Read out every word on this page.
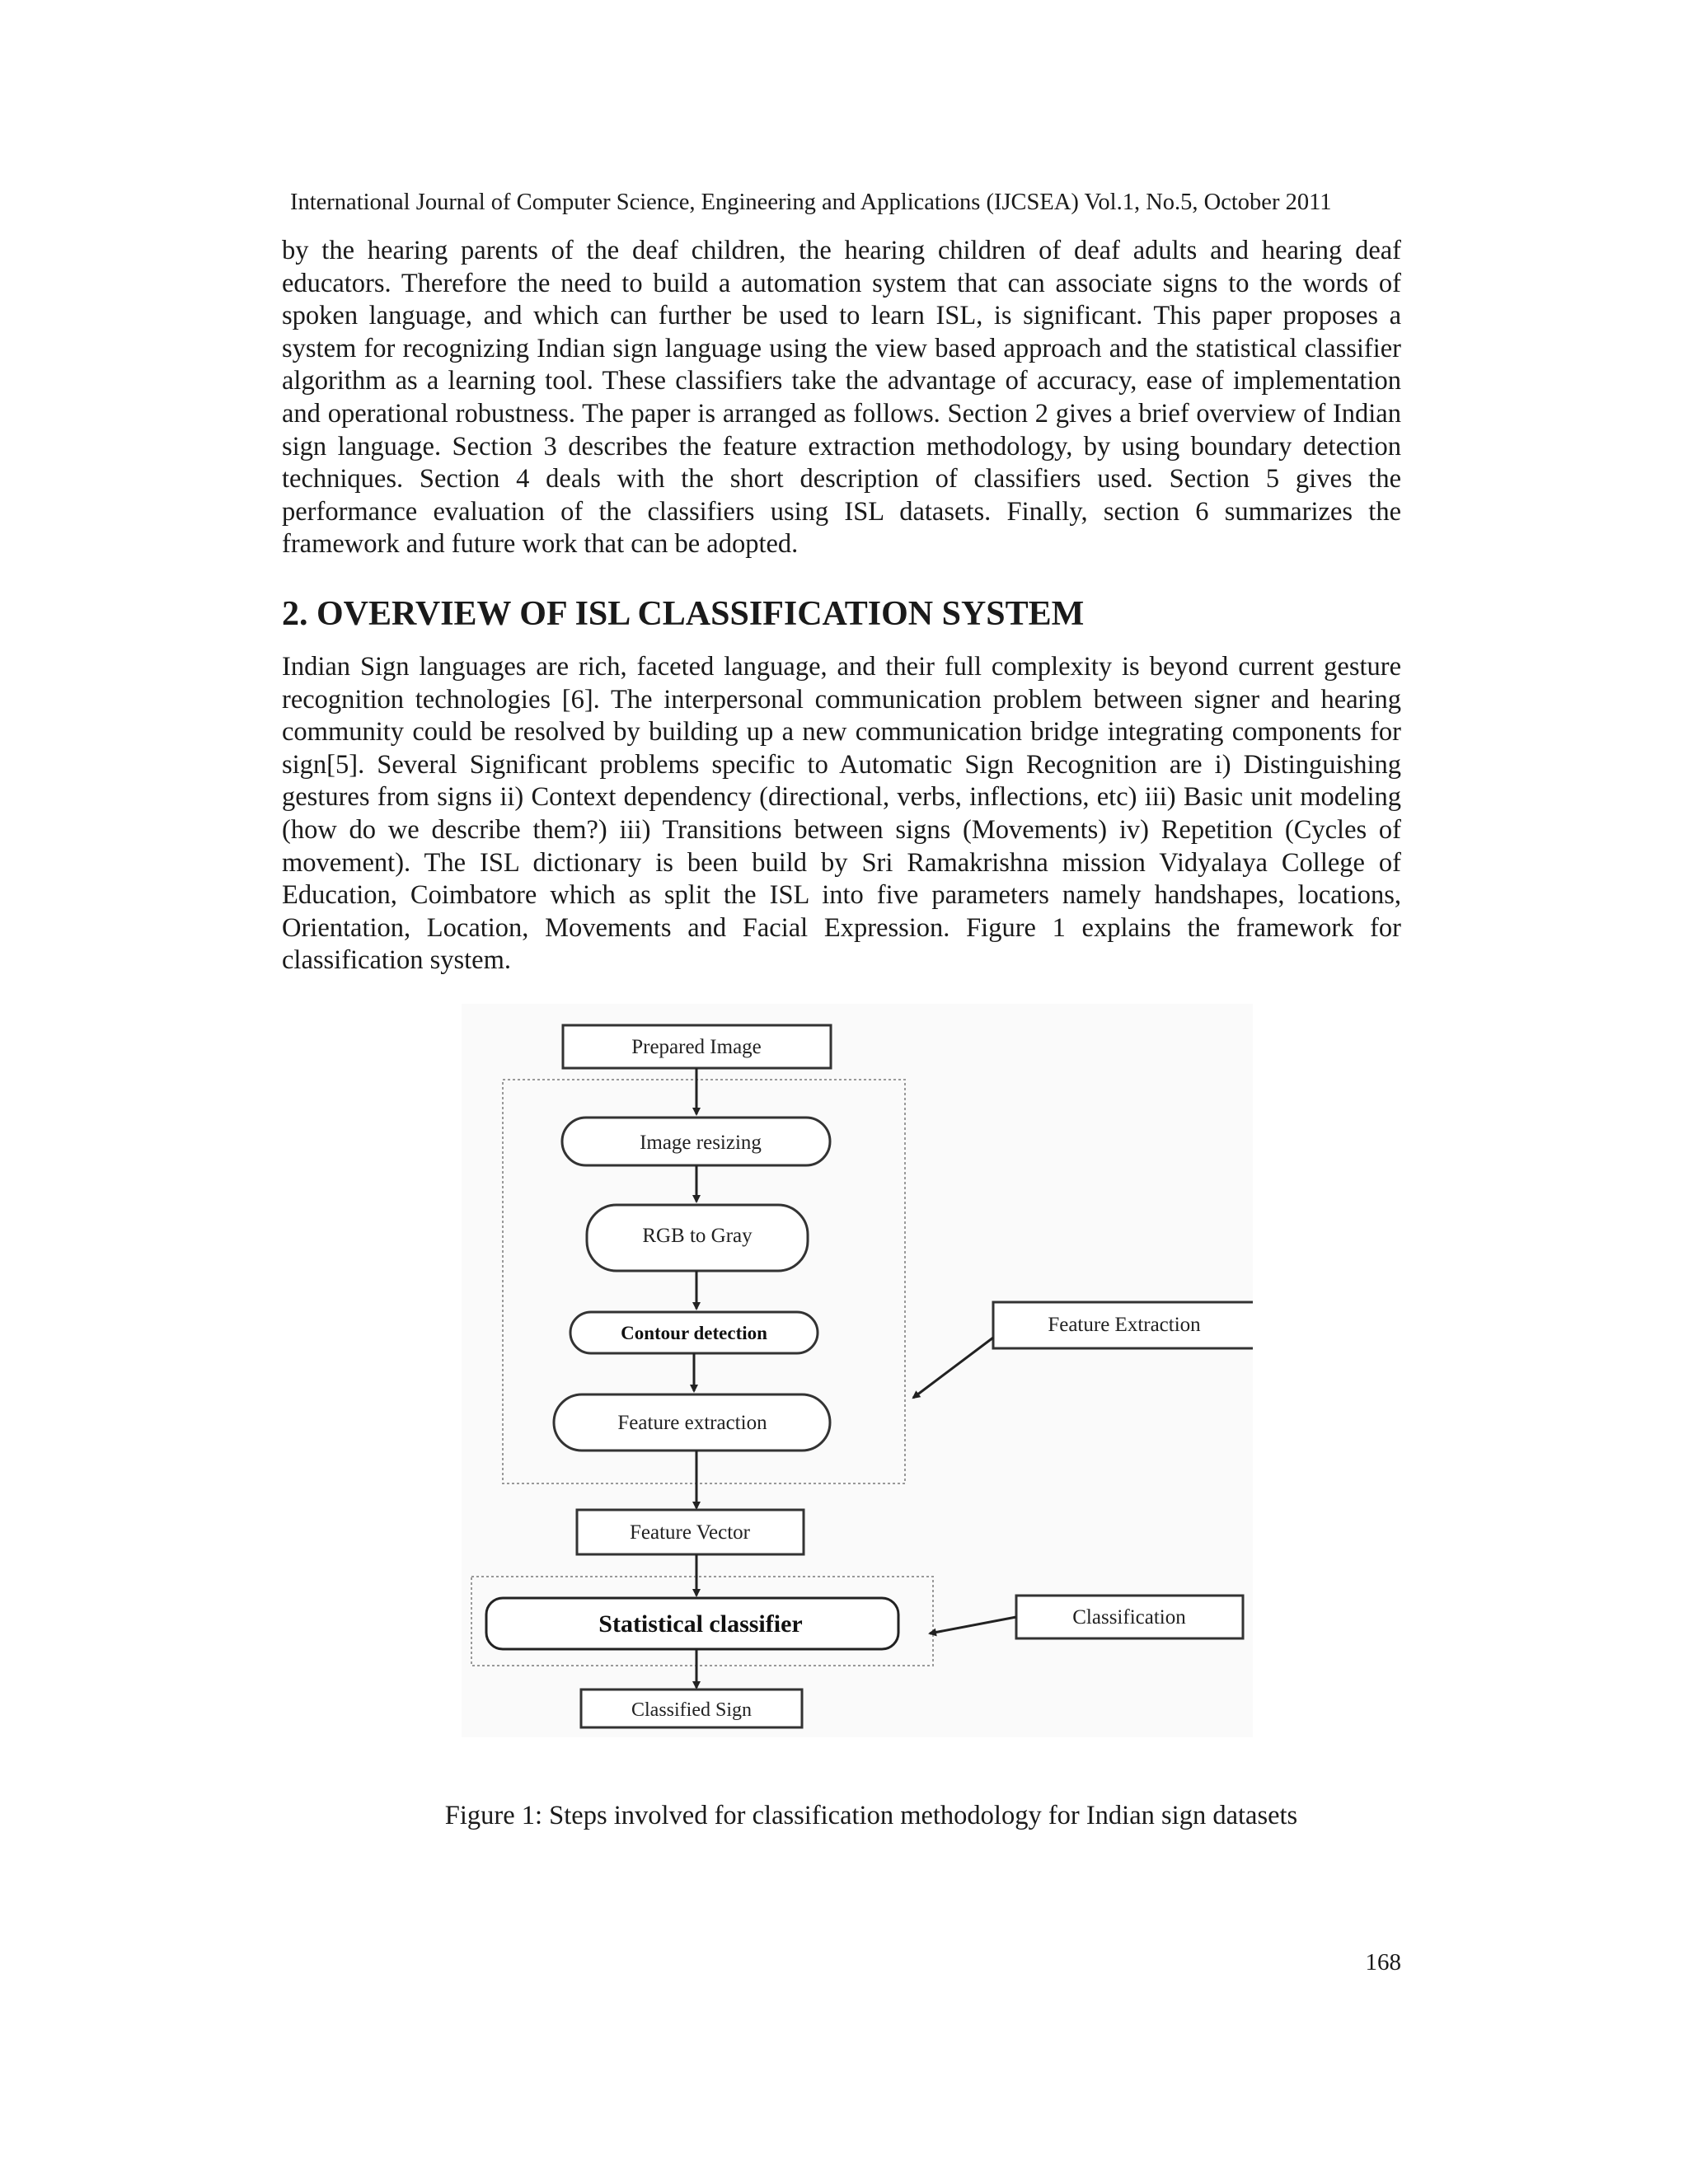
International Journal of Computer Science, Engineering and Applications (IJCSEA) Vol.1, No.5, October 2011

by the hearing parents of the deaf children, the hearing children of deaf adults and hearing deaf educators. Therefore the need to build a automation system that can associate signs to the words of spoken language, and which can further be used to learn ISL, is significant. This paper proposes a system for recognizing Indian sign language using the view based approach and the statistical classifier algorithm as a learning tool. These classifiers take the advantage of accuracy, ease of implementation and operational robustness. The paper is arranged as follows. Section 2 gives a brief overview of Indian sign language. Section 3 describes the feature extraction methodology, by using boundary detection techniques. Section 4 deals with the short description of classifiers used. Section 5 gives the performance evaluation of the classifiers using ISL datasets. Finally, section 6 summarizes the framework and future work that can be adopted.

2. OVERVIEW OF ISL CLASSIFICATION SYSTEM

Indian Sign languages are rich, faceted language, and their full complexity is beyond current gesture recognition technologies [6]. The interpersonal communication problem between signer and hearing community could be resolved by building up a new communication bridge integrating components for sign[5]. Several Significant problems specific to Automatic Sign Recognition are i) Distinguishing gestures from signs ii) Context dependency (directional, verbs, inflections, etc) iii) Basic unit modeling (how do we describe them?) iii) Transitions between signs (Movements) iv) Repetition (Cycles of movement). The ISL dictionary is been build by Sri Ramakrishna mission Vidyalaya College of Education, Coimbatore which as split the ISL into five parameters namely handshapes, locations, Orientation, Location, Movements and Facial Expression. Figure 1 explains the framework for classification system.

Prepared Image
Image resizing
RGB to Gray
Contour detection
Feature extraction
Feature Vector
Statistical classifier
Classified Sign
Feature Extraction
Classification
Figure 1: Steps involved for classification methodology for Indian sign datasets
168
